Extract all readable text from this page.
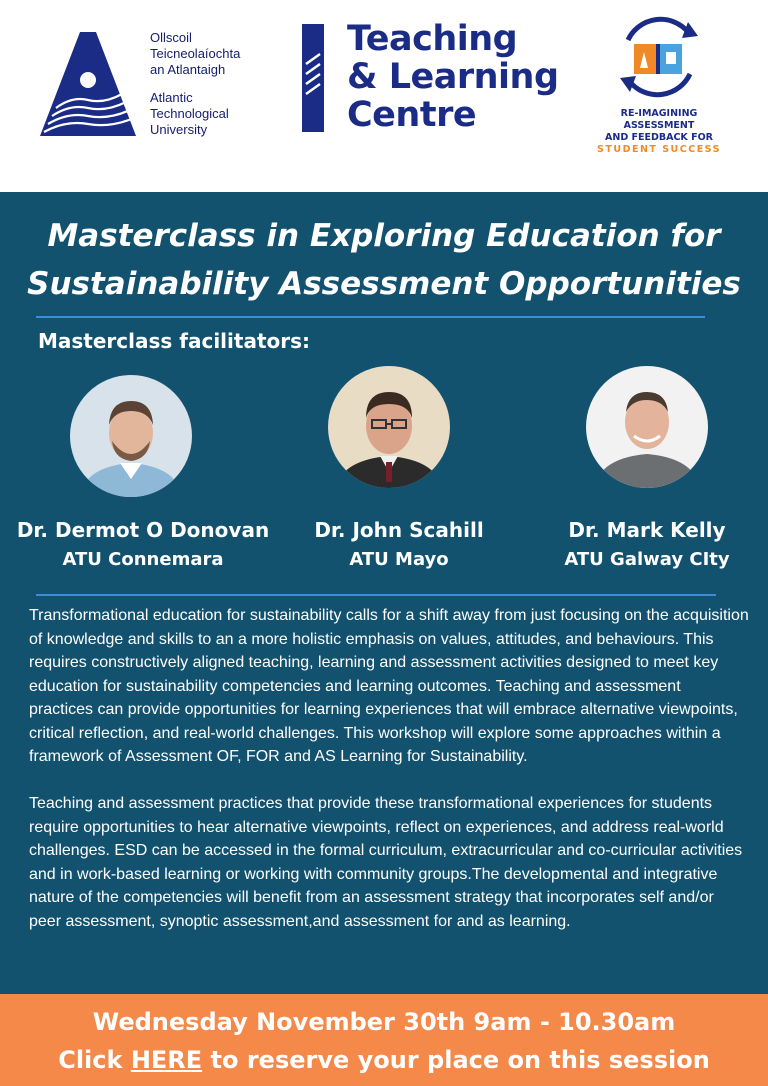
Ollscoil
Teicneolaíochta
an Atlantaigh
Atlantic
Technological
University
Teaching
& Learning
Centre	RE-IMAGINING ASSESSMENT
AND FEEDBACK FOR
STUDENT SUCCESS
Masterclass in Exploring Education for
Sustainability Assessment Opportunities
Masterclass facilitators:
Dr. Dermot O Donovan
ATU Connemara
Dr. John Scahill
ATU Mayo
Dr. Mark Kelly
ATU Galway CIty

Transformational education for sustainability calls for a shift away from just focusing on the acquisition of knowledge and skills to an a more holistic emphasis on values, attitudes, and behaviours. This requires constructively aligned teaching, learning and assessment activities designed to meet key education for sustainability competencies and learning outcomes. Teaching and assessment practices can provide opportunities for learning experiences that will embrace alternative viewpoints, critical reflection, and real-world challenges. This workshop will explore some approaches within a framework of Assessment OF, FOR and AS Learning for Sustainability.

Teaching and assessment practices that provide these transformational experiences for students require opportunities to hear alternative viewpoints, reflect on experiences, and address real-world challenges. ESD can be accessed in the formal curriculum, extracurricular and co-curricular activities and in work-based learning or working with community groups.The developmental and integrative nature of the competencies will benefit from an assessment strategy that incorporates self and/or peer assessment, synoptic assessment,and assessment for and as learning.

Wednesday November 30th 9am - 10.30am
Click HERE to reserve your place on this session
